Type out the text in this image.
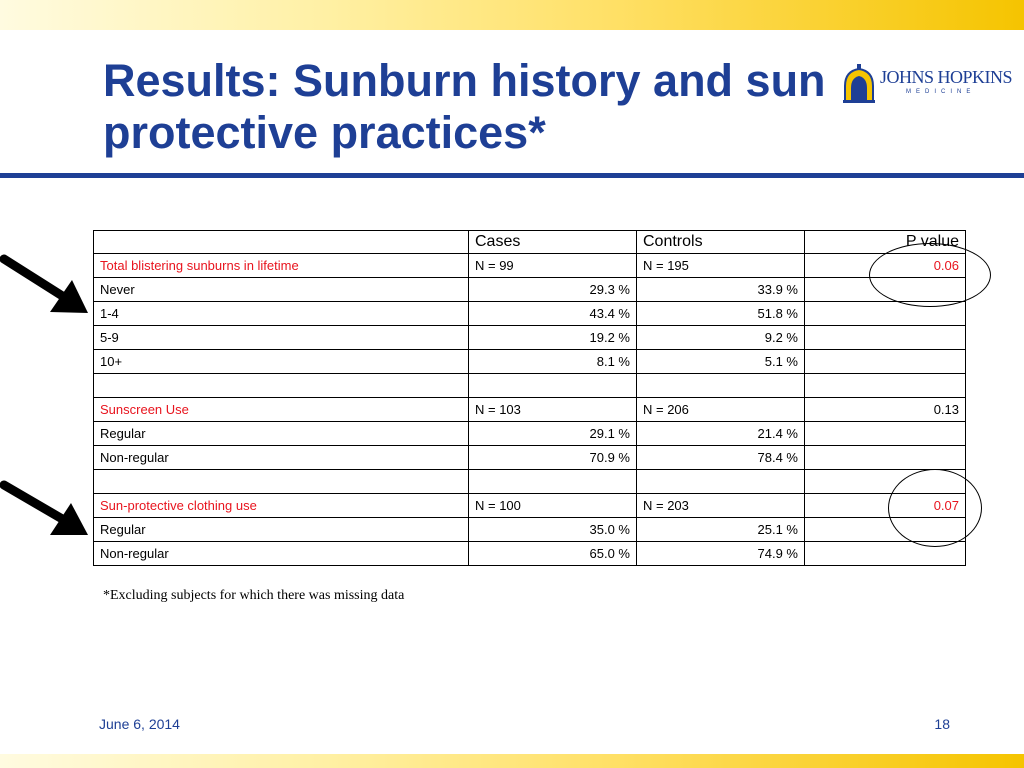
Results: Sunburn history and sun protective practices*
JOHNS HOPKINS
MEDICINE
	Cases	Controls	P value
Total blistering sunburns in lifetime	N = 99	N = 195	0.06
Never	29.3 %	33.9 %	
1-4	43.4 %	51.8 %	
5-9	19.2 %	9.2 %	
10+	8.1 %	5.1 %	

Sunscreen Use	N = 103	N = 206	0.13
Regular	29.1 %	21.4 %	
Non-regular	70.9 %	78.4 %	

Sun-protective clothing use	N = 100	N = 203	0.07
Regular	35.0 %	25.1 %	
Non-regular	65.0 %	74.9 %	

*Excluding subjects for which there was missing data

June 6, 2014	18
